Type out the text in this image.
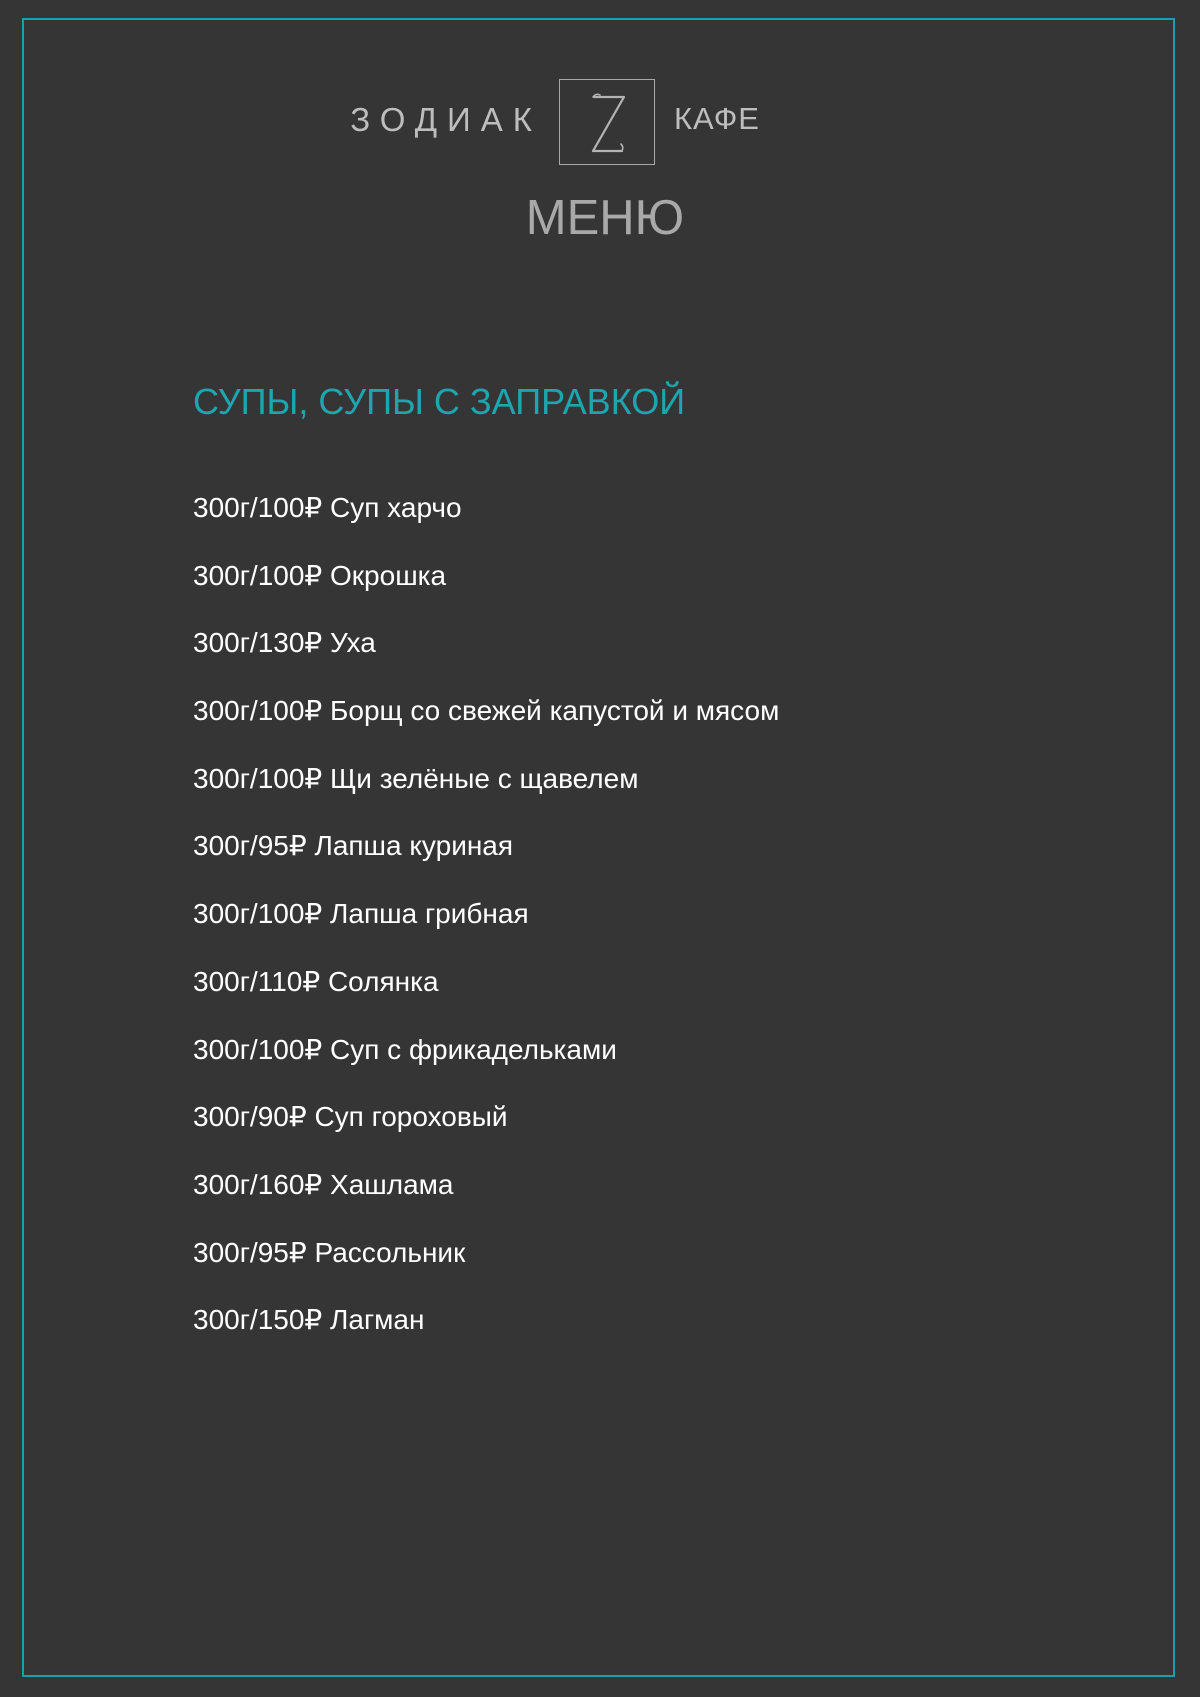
ЗОДИАК	КАФЕ
МЕНЮ
СУПЫ, СУПЫ С ЗАПРАВКОЙ
300г/100₽ Суп харчо
300г/100₽ Окрошка
300г/130₽ Уха
300г/100₽ Борщ со свежей капустой и мясом
300г/100₽ Щи зелёные с щавелем
300г/95₽ Лапша куриная
300г/100₽ Лапша грибная
300г/110₽ Солянка
300г/100₽ Суп с фрикадельками
300г/90₽ Суп гороховый
300г/160₽ Хашлама
300г/95₽ Рассольник
300г/150₽ Лагман
